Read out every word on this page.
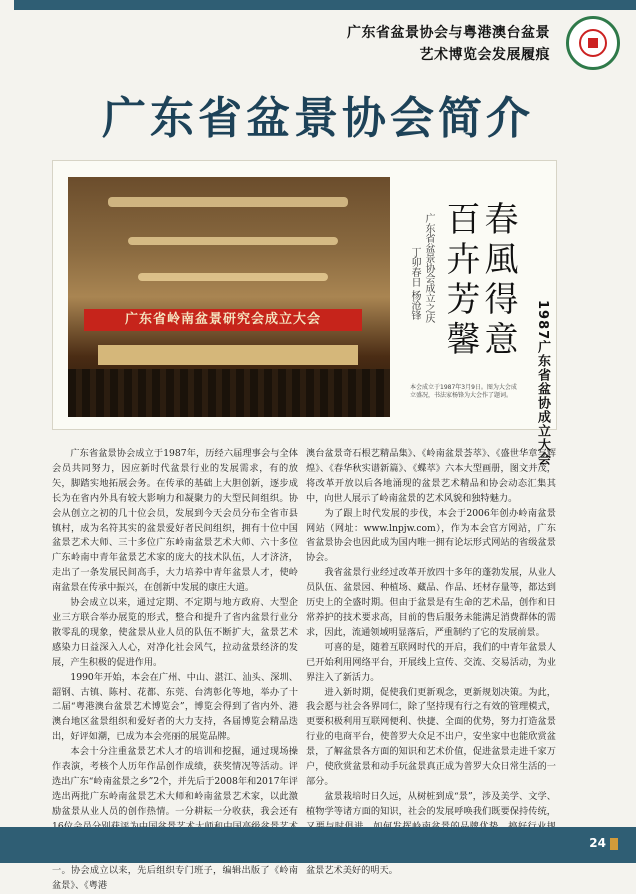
广东省盆景协会与粤港澳台盆景
艺术博览会发展履痕
广东省盆景协会简介
广东省岭南盆景研究会成立大会	春風得意
百卉芳馨
广东省盆景协会成立之庆
丁卯春日 杨沧锋
本会成立于1987年3月9日。图为大会成立盛况，书法家杨锋为大会作了题词。	1987广东省盆协成立大会

广东省盆景协会成立于1987年，历经六届理事会与全体会员共同努力，因应新时代盆景行业的发展需求，有的放矢，脚踏实地拓展会务。在传承的基础上大胆创新，逐步成长为在省内外具有较大影响力和凝聚力的大型民间组织。协会从创立之初的几十位会员，发展到今天会员分布全省市县镇村，成为名符其实的盆景爱好者民间组织，拥有十位中国盆景艺术大师、三十多位广东岭南盆景艺术大师、六十多位广东岭南中青年盆景艺术家的庞大的技术队伍，人才济济，走出了一条发展民间高手，大力培养中青年盆景人才，使岭南盆景在传承中振兴，在创新中发展的康庄大道。

协会成立以来，通过定期、不定期与地方政府、大型企业三方联合举办展览的形式，整合和提升了省内盆景行业分散零乱的现象，使盆景从业人员的队伍不断扩大，盆景艺术感染力日益深入人心，对净化社会风气，拉动盆景经济的发展，产生积极的促进作用。

1990年开始，本会在广州、中山、湛江、汕头、深圳、韶钢、古镇、陈村、花都、东莞、台湾彰化等地，举办了十二届“粤港澳台盆景艺术博览会”，博览会得到了省内外、港澳台地区盆景组织和爱好者的大力支持，各届博览会精品迭出，好评如潮，已成为本会亮丽的展览品牌。

本会十分注重盆景艺术人才的培训和挖掘，通过现场操作表演，考核个人历年作品创作成绩，获奖情况等活动。评选出广东“岭南盆景之乡”2个，并先后于2008年和2017年评选出两批广东岭南盆景艺术大师和岭南盆景艺术家，以此激励盆景从业人员的创作热情。一分耕耘一分收获，我会还有

一。协会成立以来，先后组织专门班子，编辑出版了《岭南盆景》、《粤港

澳台盆景奇石根艺精品集》、《岭南盆景荟萃》、《盛世华章写辉煌》、《春华秋实谱新篇》、《蝶萃》六本大型画册，图文并茂，将改革开放以后各地涌现的盆景艺术精品和协会动态汇集其中，向世人展示了岭南盆景的艺术风貌和独特魅力。

为了跟上时代发展的步伐，本会于2006年创办岭南盆景网站（网址：www.lnpjw.com），作为本会官方网站，广东省盆景协会也因此成为国内唯一拥有论坛形式网站的省级盆景协会。

我省盆景行业经过改革开放四十多年的蓬勃发展，从业人员队伍、盆景园、种植场、藏品、作品、坯材存量等，都达到历史上的全盛时期。但由于盆景是有生命的艺术品，创作和日常养护的技术要求高，目前的售后服务未能满足消费群体的需求，因此，流通领域明显落后，严重制约了它的发展前景。

可喜的是，随着互联网时代的开启，我们的中青年盆景人已开始利用网络平台，开展线上宣传、交流、交易活动，为业界注入了新活力。

进入新时期，促使我们更新观念，更新规划决策。为此，我会愿与社会各界同仁，除了坚持现有行之有效的管理模式，更要积极利用互联网便利、快捷、全面的优势，努力打造盆景行业的电商平台，使普罗大众足不出户，安坐家中也能欣赏盆景，了解盆景各方面的知识和艺术价值，促进盆景走进千家万户，使欣赏盆景和动手玩盆景真正成为普罗大众日常生活的一部分。

盆景栽培时日久远，从树桩到成“景”，涉及美学、文学、植物学等诸方面的知识，社会的发展呼唤我们既要保持传统， 盆景艺术美好的明天。

24
